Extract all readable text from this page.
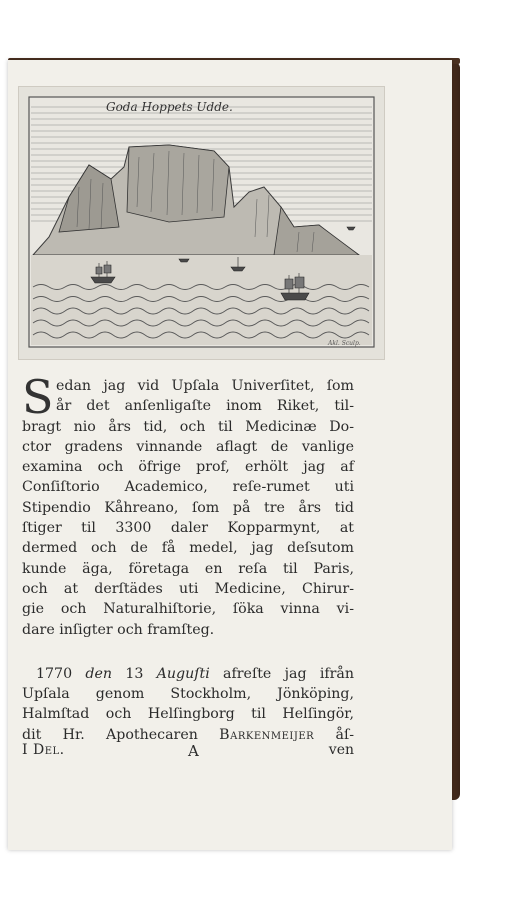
Goda Hoppets Udde.
Akl. Sculp.
S edan jag vid Upſala Univerſitet, ſom
år det anſenligaſte inom Riket, til-
bragt nio års tid, och til Medicinæ Do-
ctor gradens vinnande aflagt de vanlige
examina och öfrige prof, erhölt jag af
Conſiſtorio Academico, reſe-rumet uti
Stipendio Kåhreano, ſom på tre års tid
ſtiger til 3300 daler Kopparmynt, at
dermed och de få medel, jag deſsutom
kunde äga, företaga en reſa til Paris,
och at derſtädes uti Medicine, Chirur-
gie och Naturalhiſtorie, ſöka vinna vi-
dare inſigter och framſteg.
1770 den 13 Auguſti afreſte jag ifrån
Upſala genom Stockholm, Jönköping,
Halmſtad och Helſingborg til Helſingör,
dit Hr. Apothecaren Barkenmeijer åſ-
I Del.	A	ven
